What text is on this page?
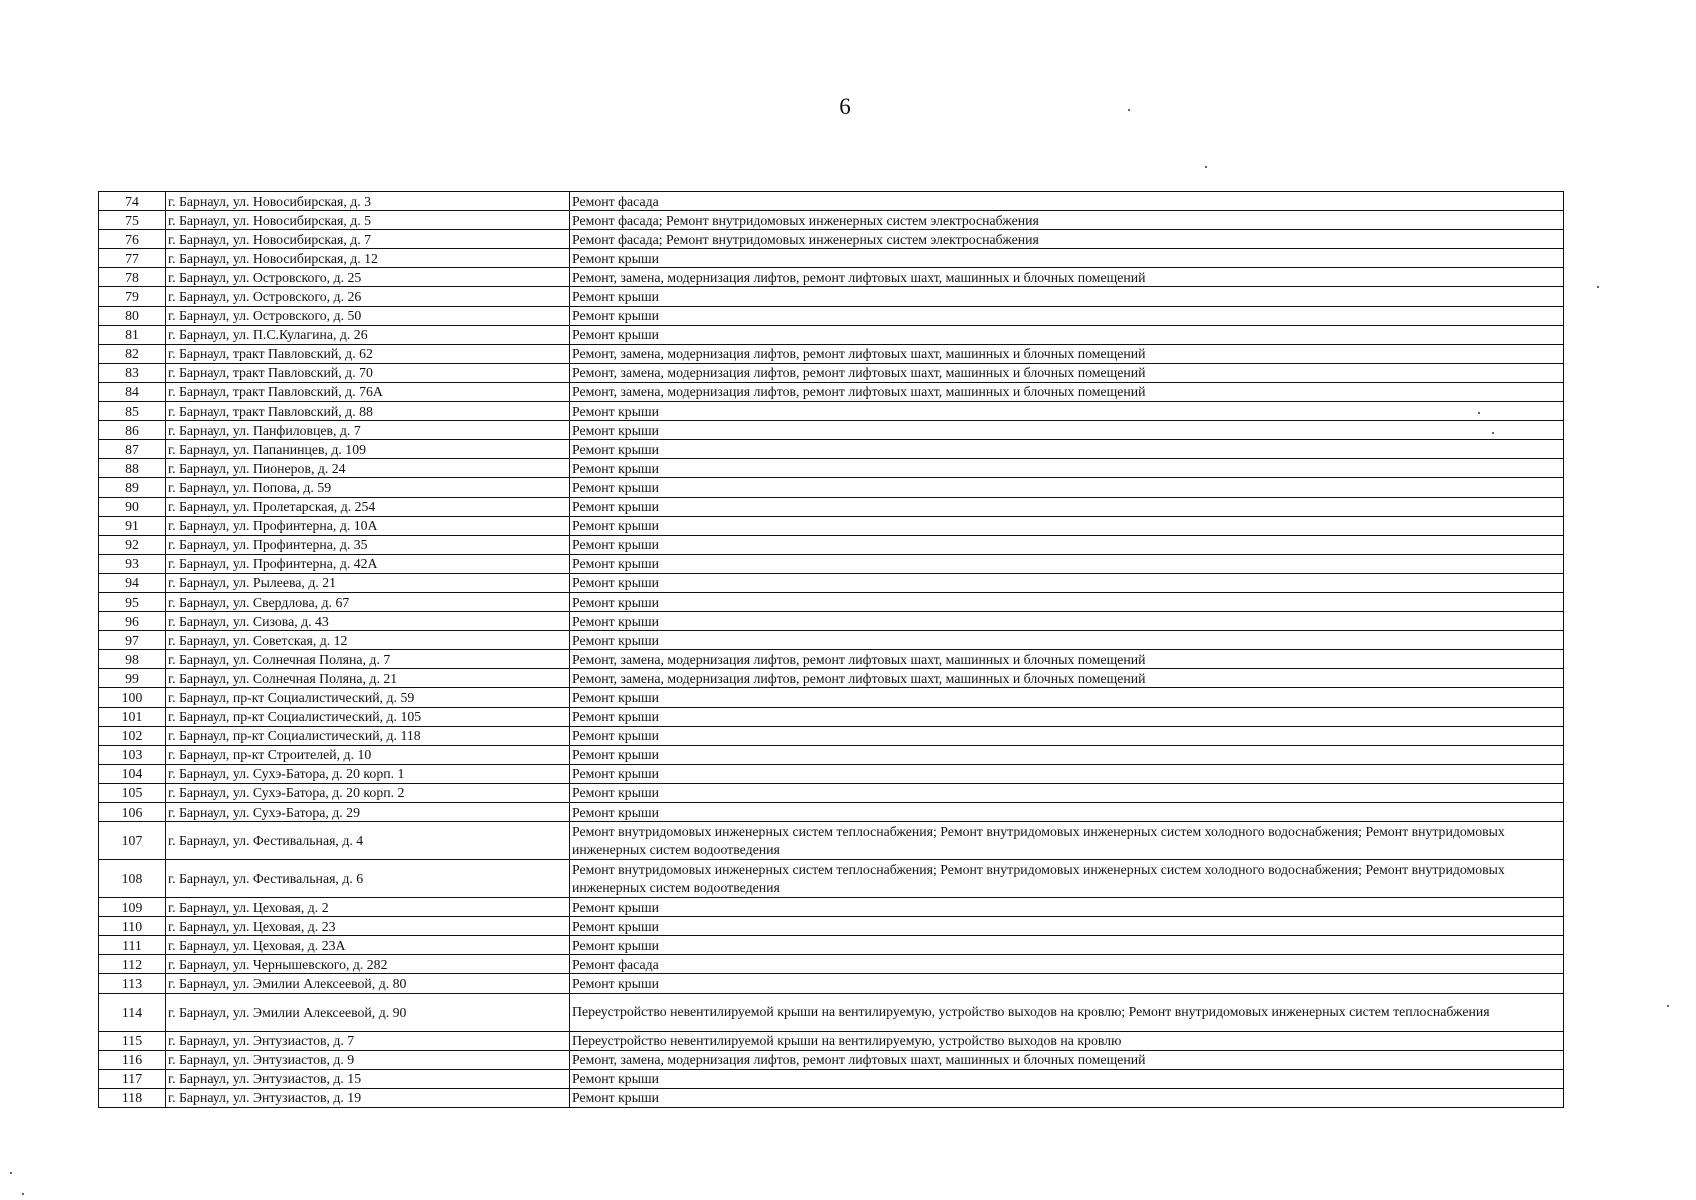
6
74	г. Барнаул, ул. Новосибирская, д. 3	Ремонт фасада
75	г. Барнаул, ул. Новосибирская, д. 5	Ремонт фасада; Ремонт внутридомовых инженерных систем электроснабжения
76	г. Барнаул, ул. Новосибирская, д. 7	Ремонт фасада; Ремонт внутридомовых инженерных систем электроснабжения
77	г. Барнаул, ул. Новосибирская, д. 12	Ремонт крыши
78	г. Барнаул, ул. Островского, д. 25	Ремонт, замена, модернизация лифтов, ремонт лифтовых шахт, машинных и блочных помещений
79	г. Барнаул, ул. Островского, д. 26	Ремонт крыши
80	г. Барнаул, ул. Островского, д. 50	Ремонт крыши
81	г. Барнаул, ул. П.С.Кулагина, д. 26	Ремонт крыши
82	г. Барнаул, тракт Павловский, д. 62	Ремонт, замена, модернизация лифтов, ремонт лифтовых шахт, машинных и блочных помещений
83	г. Барнаул, тракт Павловский, д. 70	Ремонт, замена, модернизация лифтов, ремонт лифтовых шахт, машинных и блочных помещений
84	г. Барнаул, тракт Павловский, д. 76А	Ремонт, замена, модернизация лифтов, ремонт лифтовых шахт, машинных и блочных помещений
85	г. Барнаул, тракт Павловский, д. 88	Ремонт крыши
86	г. Барнаул, ул. Панфиловцев, д. 7	Ремонт крыши
87	г. Барнаул, ул. Папанинцев, д. 109	Ремонт крыши
88	г. Барнаул, ул. Пионеров, д. 24	Ремонт крыши
89	г. Барнаул, ул. Попова, д. 59	Ремонт крыши
90	г. Барнаул, ул. Пролетарская, д. 254	Ремонт крыши
91	г. Барнаул, ул. Профинтерна, д. 10А	Ремонт крыши
92	г. Барнаул, ул. Профинтерна, д. 35	Ремонт крыши
93	г. Барнаул, ул. Профинтерна, д. 42А	Ремонт крыши
94	г. Барнаул, ул. Рылеева, д. 21	Ремонт крыши
95	г. Барнаул, ул. Свердлова, д. 67	Ремонт крыши
96	г. Барнаул, ул. Сизова, д. 43	Ремонт крыши
97	г. Барнаул, ул. Советская, д. 12	Ремонт крыши
98	г. Барнаул, ул. Солнечная Поляна, д. 7	Ремонт, замена, модернизация лифтов, ремонт лифтовых шахт, машинных и блочных помещений
99	г. Барнаул, ул. Солнечная Поляна, д. 21	Ремонт, замена, модернизация лифтов, ремонт лифтовых шахт, машинных и блочных помещений
100	г. Барнаул, пр-кт Социалистический, д. 59	Ремонт крыши
101	г. Барнаул, пр-кт Социалистический, д. 105	Ремонт крыши
102	г. Барнаул, пр-кт Социалистический, д. 118	Ремонт крыши
103	г. Барнаул, пр-кт Строителей, д. 10	Ремонт крыши
104	г. Барнаул, ул. Сухэ-Батора, д. 20 корп. 1	Ремонт крыши
105	г. Барнаул, ул. Сухэ-Батора, д. 20 корп. 2	Ремонт крыши
106	г. Барнаул, ул. Сухэ-Батора, д. 29	Ремонт крыши
107	г. Барнаул, ул. Фестивальная, д. 4	Ремонт внутридомовых инженерных систем теплоснабжения; Ремонт внутридомовых инженерных систем холодного водоснабжения; Ремонт внутридомовых инженерных систем водоотведения
108	г. Барнаул, ул. Фестивальная, д. 6	Ремонт внутридомовых инженерных систем теплоснабжения; Ремонт внутридомовых инженерных систем холодного водоснабжения; Ремонт внутридомовых инженерных систем водоотведения
109	г. Барнаул, ул. Цеховая, д. 2	Ремонт крыши
110	г. Барнаул, ул. Цеховая, д. 23	Ремонт крыши
111	г. Барнаул, ул. Цеховая, д. 23А	Ремонт крыши
112	г. Барнаул, ул. Чернышевского, д. 282	Ремонт фасада
113	г. Барнаул, ул. Эмилии Алексеевой, д. 80	Ремонт крыши
114	г. Барнаул, ул. Эмилии Алексеевой, д. 90	Переустройство невентилируемой крыши на вентилируемую, устройство выходов на кровлю; Ремонт внутридомовых инженерных систем теплоснабжения
115	г. Барнаул, ул. Энтузиастов, д. 7	Переустройство невентилируемой крыши на вентилируемую, устройство выходов на кровлю
116	г. Барнаул, ул. Энтузиастов, д. 9	Ремонт, замена, модернизация лифтов, ремонт лифтовых шахт, машинных и блочных помещений
117	г. Барнаул, ул. Энтузиастов, д. 15	Ремонт крыши
118	г. Барнаул, ул. Энтузиастов, д. 19	Ремонт крыши
